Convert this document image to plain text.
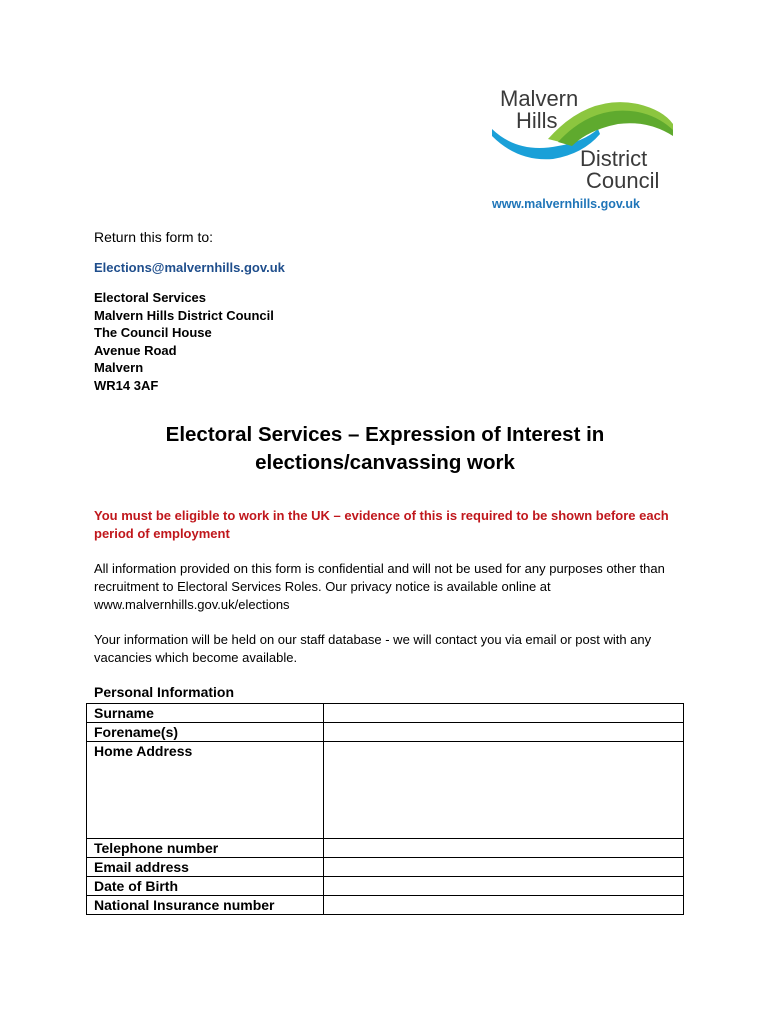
Malvern
Hills
District
Council
www.malvernhills.gov.uk
Return this form to:
Elections@malvernhills.gov.uk
Electoral Services
Malvern Hills District Council
The Council House
Avenue Road
Malvern
WR14 3AF
Electoral Services – Expression of Interest in
elections/canvassing work
You must be eligible to work in the UK – evidence of this is required to be shown before each period of employment
All information provided on this form is confidential and will not be used for any purposes other than recruitment to Electoral Services Roles. Our privacy notice is available online at www.malvernhills.gov.uk/elections
Your information will be held on our staff database - we will contact you via email or post with any vacancies which become available.
Personal Information
Surname	
Forename(s)	
Home Address	
Telephone number	
Email address	
Date of Birth	
National Insurance number	
